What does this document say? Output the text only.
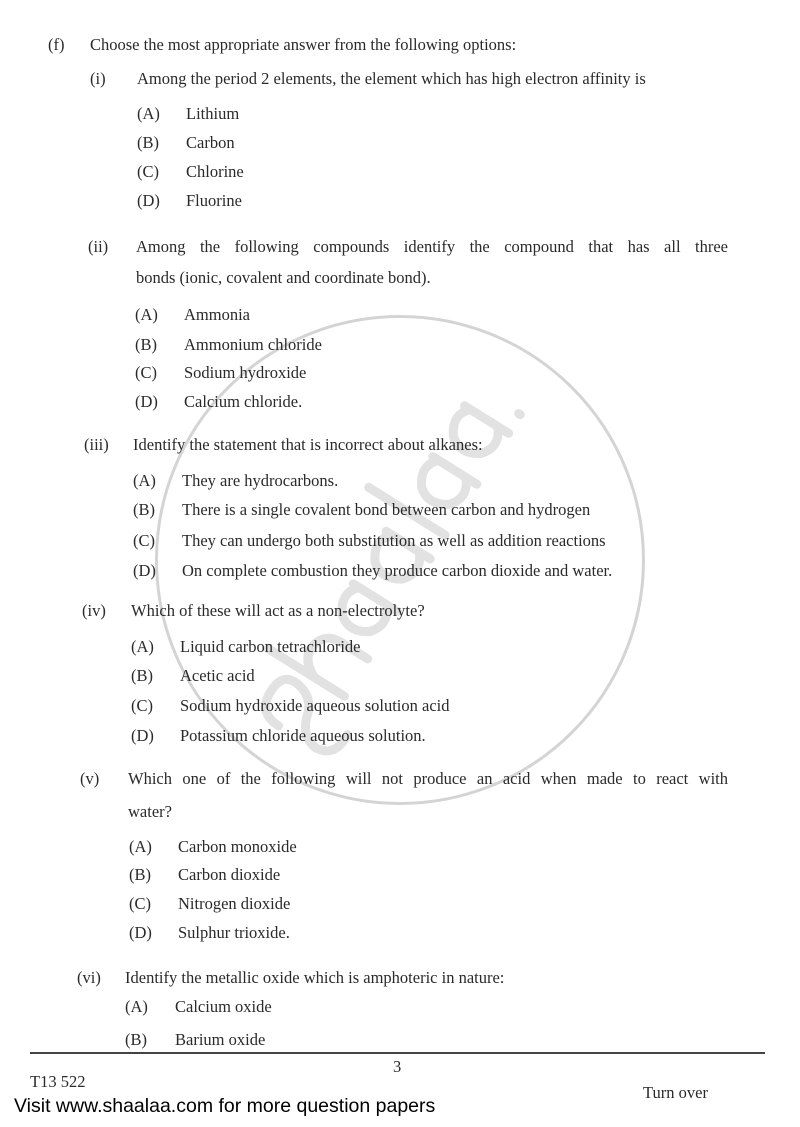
(f) Choose the most appropriate answer from the following options:
(i) Among the period 2 elements, the element which has high electron affinity is
(A) Lithium
(B) Carbon
(C) Chlorine
(D) Fluorine
(ii) Among the following compounds identify the compound that has all three
bonds (ionic, covalent and coordinate bond).
(A) Ammonia
(B) Ammonium chloride
(C) Sodium hydroxide
(D) Calcium chloride.
(iii) Identify the statement that is incorrect about alkanes:
(A) They are hydrocarbons.
(B) There is a single covalent bond between carbon and hydrogen
(C) They can undergo both substitution as well as addition reactions
(D) On complete combustion they produce carbon dioxide and water.
(iv) Which of these will act as a non-electrolyte?
(A) Liquid carbon tetrachloride
(B) Acetic acid
(C) Sodium hydroxide aqueous solution acid
(D) Potassium chloride aqueous solution.
(v) Which one of the following will not produce an acid when made to react with
water?
(A) Carbon monoxide
(B) Carbon dioxide
(C) Nitrogen dioxide
(D) Sulphur trioxide.
(vi) Identify the metallic oxide which is amphoteric in nature:
(A) Calcium oxide
(B) Barium oxide
3
T13 522
Turn over
Visit www.shaalaa.com for more question papers
